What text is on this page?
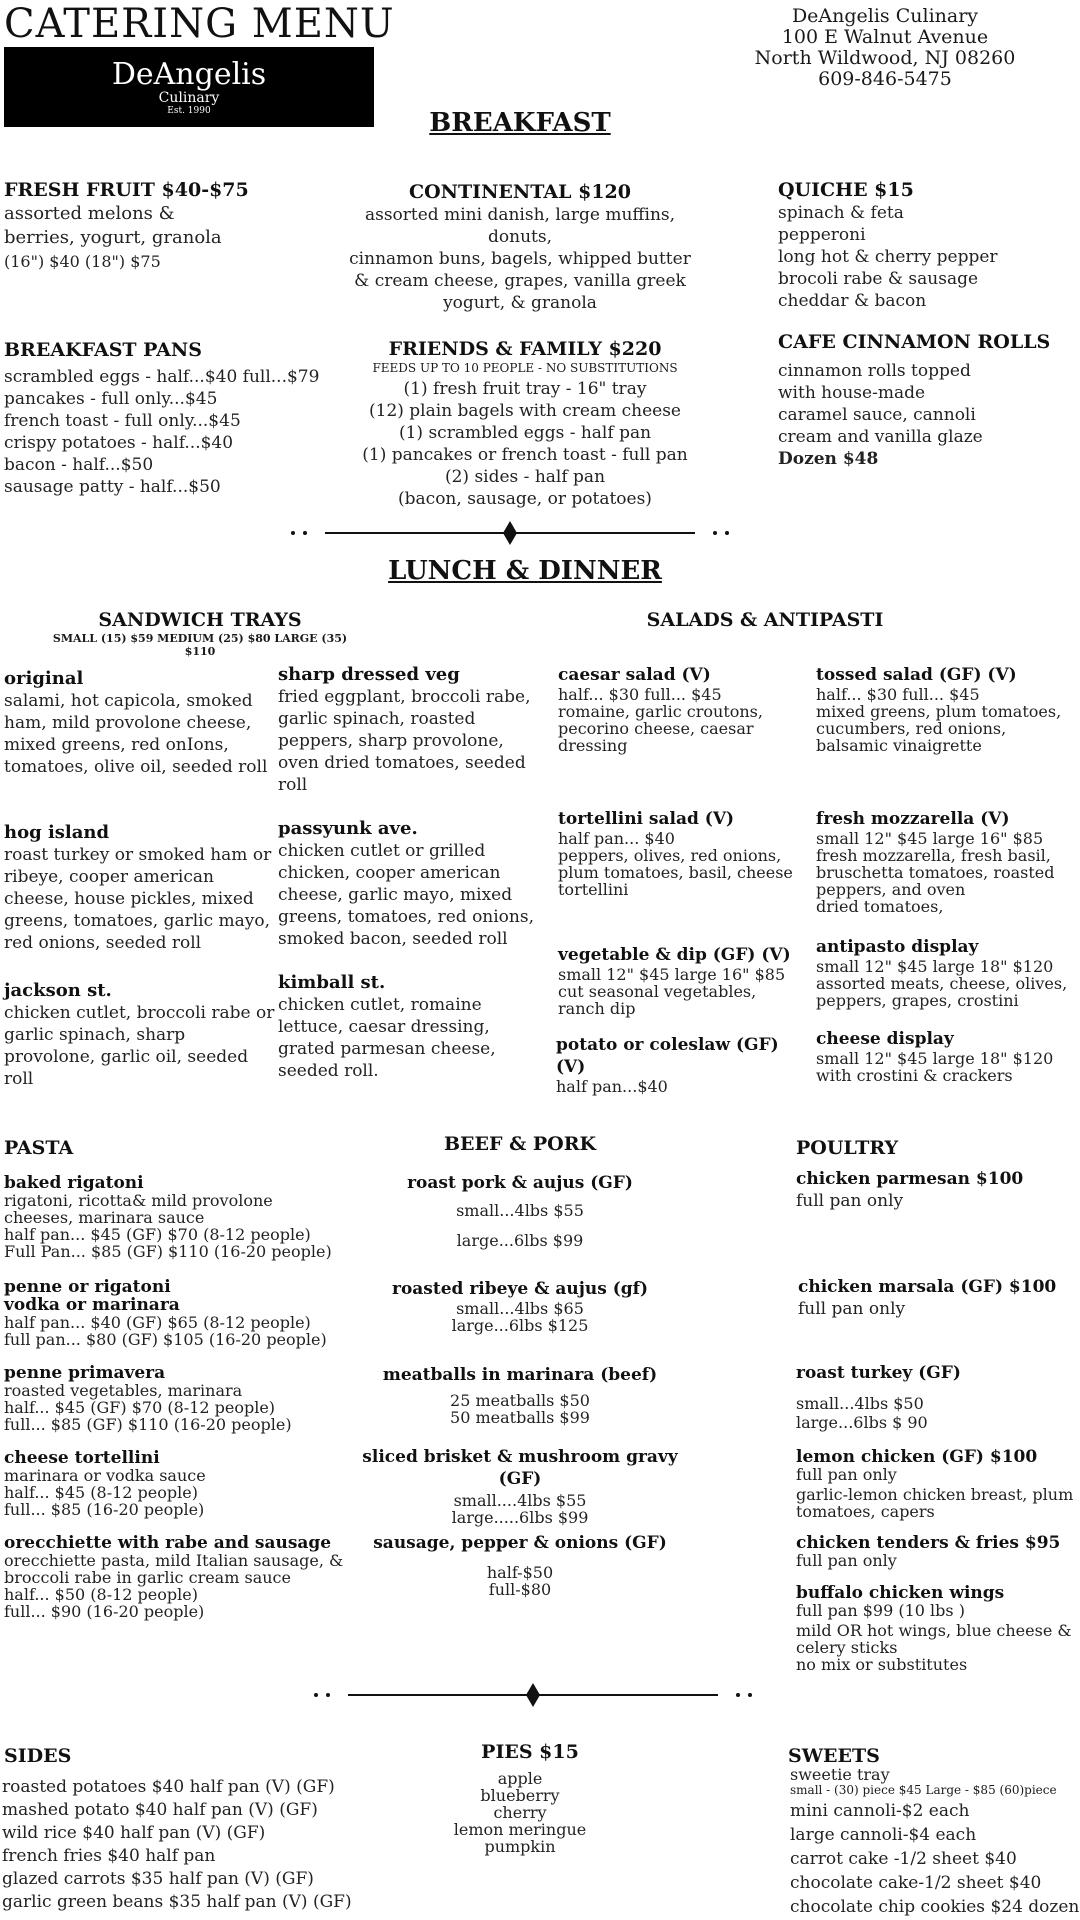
CATERING MENU
DeAngelis
Culinary
Est. 1990
DeAngelis Culinary
100 E Walnut Avenue
North Wildwood, NJ 08260
609-846-5475
BREAKFAST
FRESH FRUIT $40-$75
assorted melons &
berries, yogurt, granola
(16") $40 (18") $75
CONTINENTAL $120
assorted mini danish, large muffins,
donuts,
cinnamon buns, bagels, whipped butter
& cream cheese, grapes, vanilla greek
yogurt, & granola
QUICHE $15
spinach & feta
pepperoni
long hot & cherry pepper
brocoli rabe & sausage
cheddar & bacon
BREAKFAST PANS
scrambled eggs - half...$40 full...$79
pancakes - full only...$45
french toast - full only...$45
crispy potatoes - half...$40
bacon - half...$50
sausage patty - half...$50
FRIENDS & FAMILY $220
FEEDS UP TO 10 PEOPLE - NO SUBSTITUTIONS
(1) fresh fruit tray - 16" tray
(12) plain bagels with cream cheese
(1) scrambled eggs - half pan
(1) pancakes or french toast - full pan
(2) sides - half pan
(bacon, sausage, or potatoes)
CAFE CINNAMON ROLLS
cinnamon rolls topped
with house-made
caramel sauce, cannoli
cream and vanilla glaze
Dozen $48
LUNCH & DINNER
SANDWICH TRAYS
SMALL (15) $59 MEDIUM (25) $80 LARGE (35) $110
SALADS & ANTIPASTI
original
salami, hot capicola, smoked
ham, mild provolone cheese,
mixed greens, red onIons,
tomatoes, olive oil, seeded roll
hog island
roast turkey or smoked ham or
ribeye, cooper american
cheese, house pickles, mixed
greens, tomatoes, garlic mayo,
red onions, seeded roll
jackson st.
chicken cutlet, broccoli rabe or
garlic spinach, sharp
provolone, garlic oil, seeded
roll
sharp dressed veg
fried eggplant, broccoli rabe,
garlic spinach, roasted
peppers, sharp provolone,
oven dried tomatoes, seeded
roll
passyunk ave.
chicken cutlet or grilled
chicken, cooper american
cheese, garlic mayo, mixed
greens, tomatoes, red onions,
smoked bacon, seeded roll
kimball st.
chicken cutlet, romaine
lettuce, caesar dressing,
grated parmesan cheese,
seeded roll.
caesar salad (V)
half... $30 full... $45
romaine, garlic croutons,
pecorino cheese, caesar
dressing
tortellini salad (V)
half pan... $40
peppers, olives, red onions,
plum tomatoes, basil, cheese
tortellini
vegetable & dip (GF) (V)
small 12" $45 large 16" $85
cut seasonal vegetables,
ranch dip
potato or coleslaw (GF) (V)
half pan...$40
tossed salad (GF) (V)
half... $30 full... $45
mixed greens, plum tomatoes,
cucumbers, red onions,
balsamic vinaigrette
fresh mozzarella (V)
small 12" $45 large 16" $85
fresh mozzarella, fresh basil,
bruschetta tomatoes, roasted
peppers, and oven
dried tomatoes,
antipasto display
small 12" $45 large 18" $120
assorted meats, cheese, olives,
peppers, grapes, crostini
cheese display
small 12" $45 large 18" $120
with crostini & crackers
PASTA
baked rigatoni
rigatoni, ricotta& mild provolone
cheeses, marinara sauce
half pan... $45 (GF) $70 (8-12 people)
Full Pan... $85 (GF) $110 (16-20 people)
penne or rigatoni
vodka or marinara
half pan... $40 (GF) $65 (8-12 people)
full pan... $80 (GF) $105 (16-20 people)
penne primavera
roasted vegetables, marinara
half... $45 (GF) $70 (8-12 people)
full... $85 (GF) $110 (16-20 people)
cheese tortellini
marinara or vodka sauce
half... $45 (8-12 people)
full... $85 (16-20 people)
orecchiette with rabe and sausage
orecchiette pasta, mild Italian sausage, &
broccoli rabe in garlic cream sauce
half... $50 (8-12 people)
full... $90 (16-20 people)
BEEF & PORK
roast pork & aujus (GF)
small...4lbs $55
large...6lbs $99
roasted ribeye & aujus (gf)
small...4lbs $65
large...6lbs $125
meatballs in marinara (beef)
25 meatballs $50
50 meatballs $99
sliced brisket & mushroom gravy (GF)
small....4lbs $55
large.....6lbs $99
sausage, pepper & onions (GF)
half-$50
full-$80
POULTRY
chicken parmesan $100
full pan only
chicken marsala (GF) $100
full pan only
roast turkey (GF)
small...4lbs $50
large...6lbs $ 90
lemon chicken (GF) $100
full pan only
garlic-lemon chicken breast, plum
tomatoes, capers
chicken tenders & fries $95
full pan only
buffalo chicken wings
full pan $99 (10 lbs )
mild OR hot wings, blue cheese &
celery sticks
no mix or substitutes
SIDES
roasted potatoes $40 half pan (V) (GF)
mashed potato $40 half pan (V) (GF)
wild rice $40 half pan (V) (GF)
french fries $40 half pan
glazed carrots $35 half pan (V) (GF)
garlic green beans $35 half pan (V) (GF)
PIES $15
apple
blueberry
cherry
lemon meringue
pumpkin
SWEETS
sweetie tray
small - (30) piece $45 Large - $85 (60)piece
mini cannoli-$2 each
large cannoli-$4 each
carrot cake -1/2 sheet $40
chocolate cake-1/2 sheet $40
chocolate chip cookies $24 dozen
